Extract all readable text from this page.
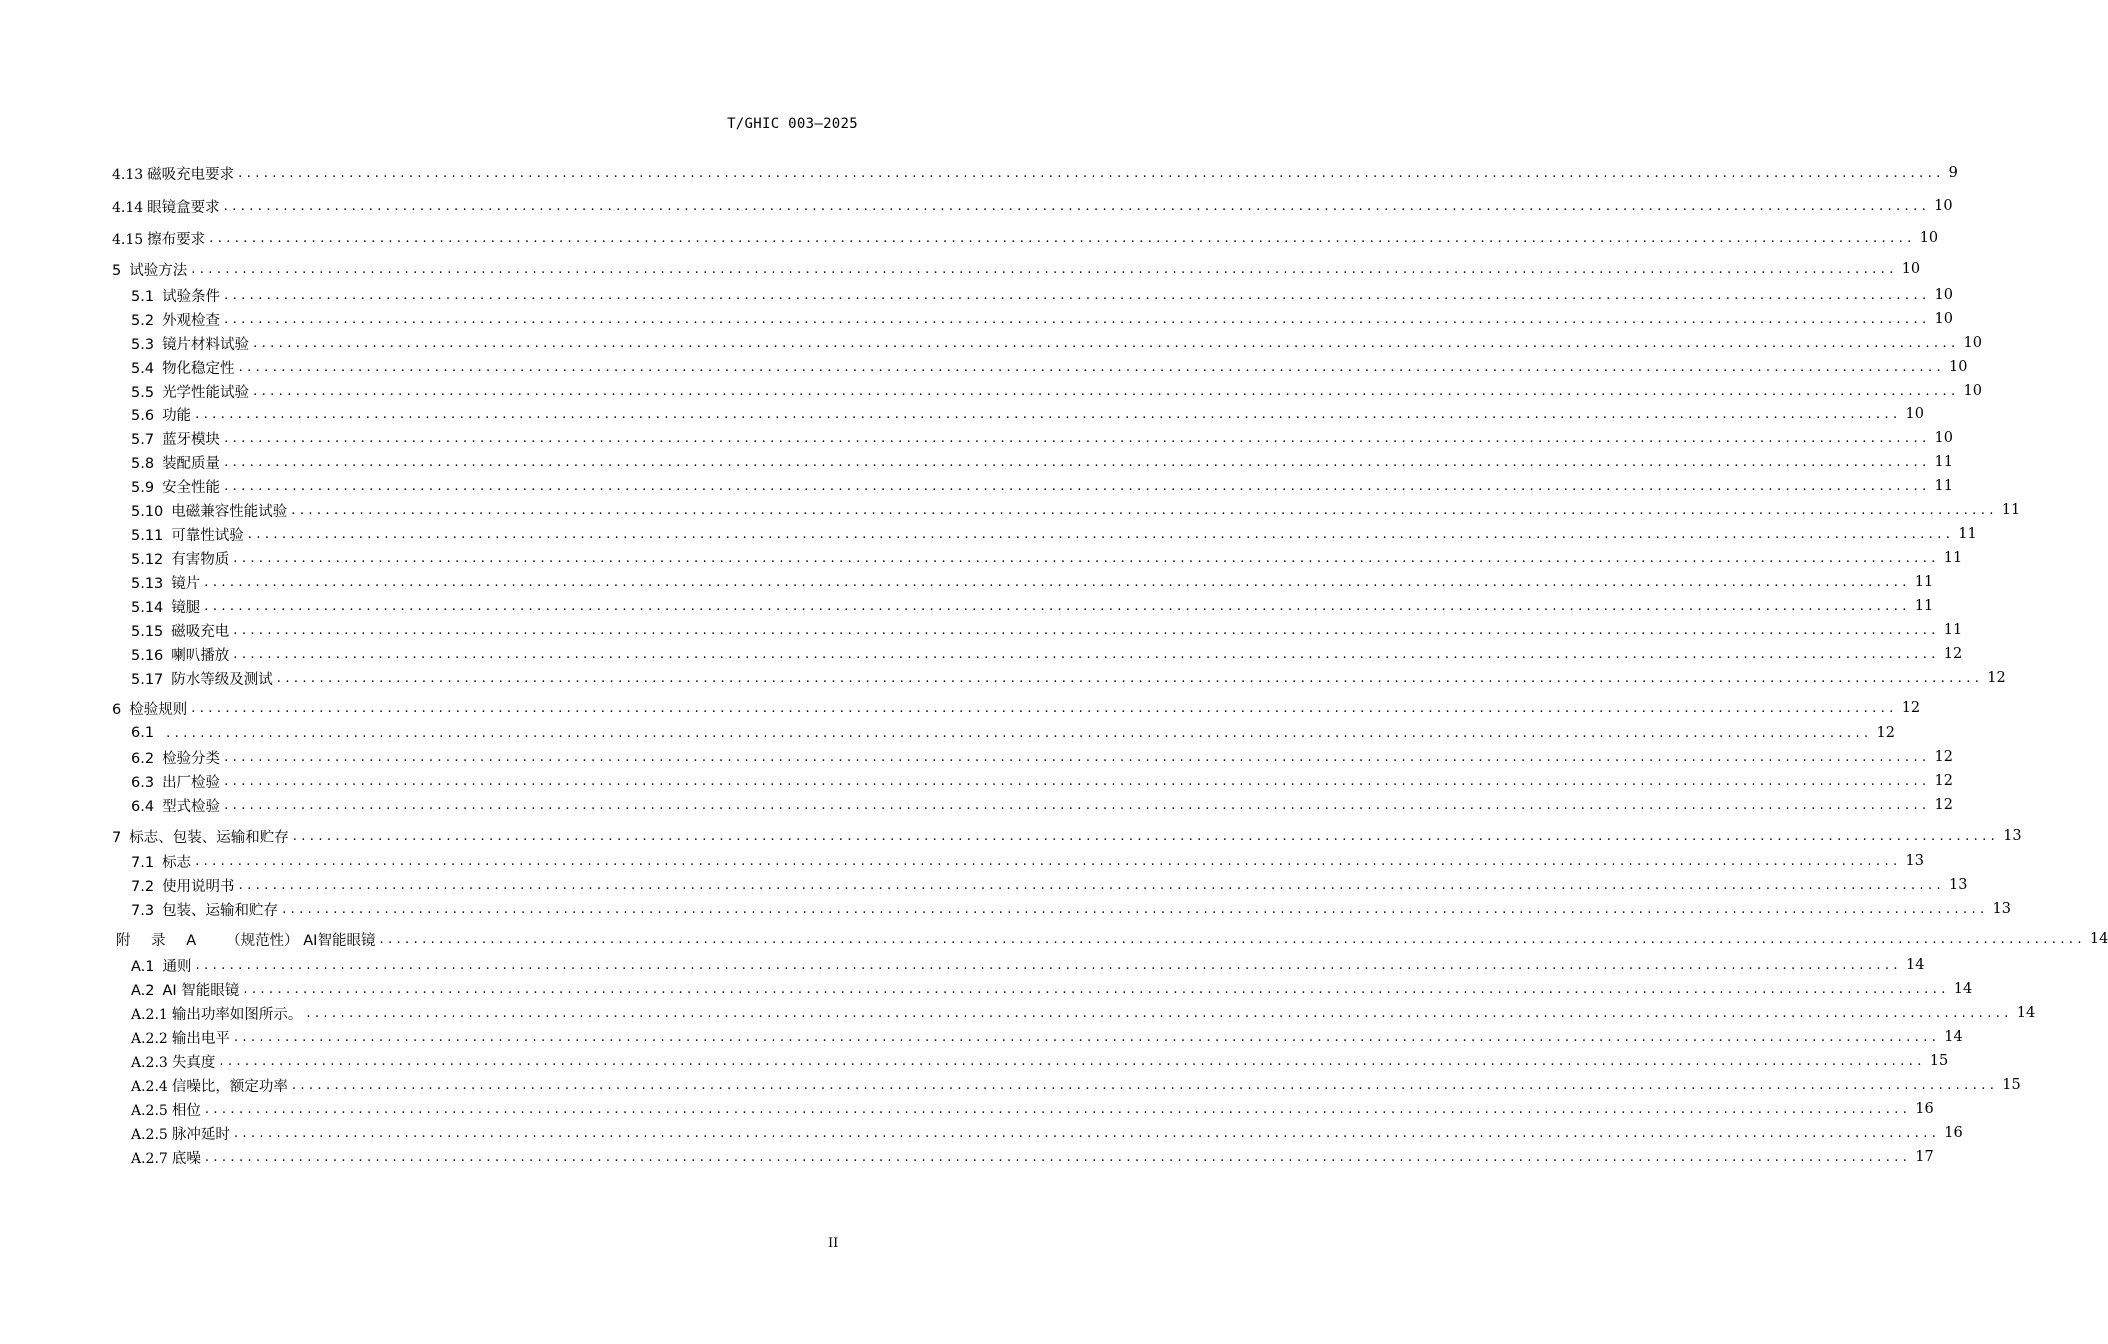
T/GHIC 003—2025
4.13 磁吸充电要求 ........................................................................................................................................................................................................ 9
4.14 眼镜盒要求 ........................................................................................................................................................................................................ 10
4.15 擦布要求 ........................................................................................................................................................................................................ 10
5 试验方法 ........................................................................................................................................................................................................ 10
5.1 试验条件 ........................................................................................................................................................................................................ 10
5.2 外观检查 ........................................................................................................................................................................................................ 10
5.3 镜片材料试验 ........................................................................................................................................................................................................ 10
5.4 物化稳定性 ........................................................................................................................................................................................................ 10
5.5 光学性能试验 ........................................................................................................................................................................................................ 10
5.6 功能 ........................................................................................................................................................................................................ 10
5.7 蓝牙模块 ........................................................................................................................................................................................................ 10
5.8 装配质量 ........................................................................................................................................................................................................ 11
5.9 安全性能 ........................................................................................................................................................................................................ 11
5.10 电磁兼容性能试验 ........................................................................................................................................................................................................ 11
5.11 可靠性试验 ........................................................................................................................................................................................................ 11
5.12 有害物质 ........................................................................................................................................................................................................ 11
5.13 镜片 ........................................................................................................................................................................................................ 11
5.14 镜腿 ........................................................................................................................................................................................................ 11
5.15 磁吸充电 ........................................................................................................................................................................................................ 11
5.16 喇叭播放 ........................................................................................................................................................................................................ 12
5.17 防水等级及测试 ........................................................................................................................................................................................................ 12
6 检验规则 ........................................................................................................................................................................................................ 12
6.1 ........................................................................................................................................................................................................ 12
6.2 检验分类 ........................................................................................................................................................................................................ 12
6.3 出厂检验 ........................................................................................................................................................................................................ 12
6.4 型式检验 ........................................................................................................................................................................................................ 12
7 标志、包装、运输和贮存 ........................................................................................................................................................................................................ 13
7.1 标志 ........................................................................................................................................................................................................ 13
7.2 使用说明书 ........................................................................................................................................................................................................ 13
7.3 包装、运输和贮存 ........................................................................................................................................................................................................ 13
附 录 A （规范性） AI智能眼镜 ........................................................................................................................................................................................................ 14
A.1 通则 ........................................................................................................................................................................................................ 14
A.2 AI 智能眼镜 ........................................................................................................................................................................................................ 14
A.2.1 输出功率如图所示。 ........................................................................................................................................................................................................ 14
A.2.2 输出电平 ........................................................................................................................................................................................................ 14
A.2.3 失真度 ........................................................................................................................................................................................................ 15
A.2.4 信噪比，额定功率 ........................................................................................................................................................................................................ 15
A.2.5 相位 ........................................................................................................................................................................................................ 16
A.2.5 脉冲延时 ........................................................................................................................................................................................................ 16
A.2.7 底噪 ........................................................................................................................................................................................................ 17
II
